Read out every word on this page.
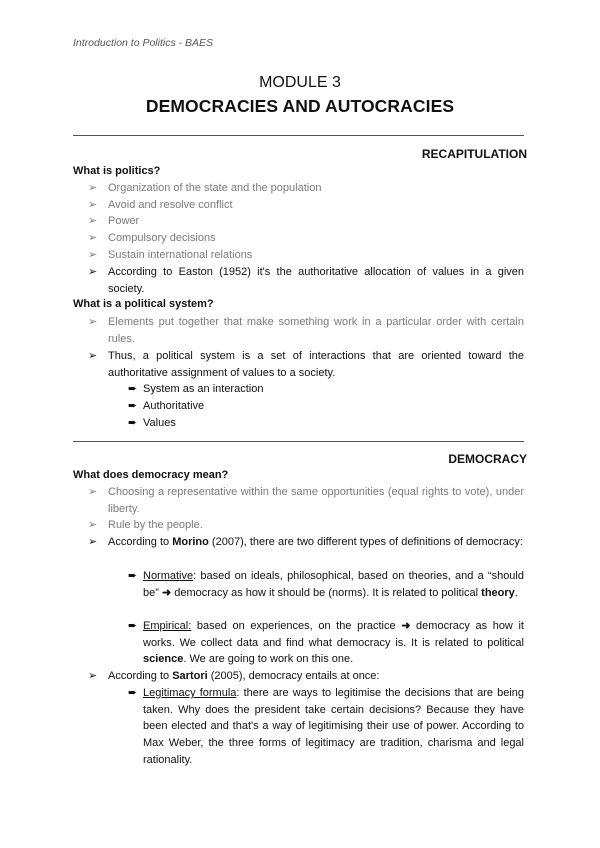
Introduction to Politics - BAES
MODULE 3
DEMOCRACIES AND AUTOCRACIES
RECAPITULATION
What is politics?
➢ Organization of the state and the population
➢ Avoid and resolve conflict
➢ Power
➢ Compulsory decisions
➢ Sustain international relations
➢ According to Easton (1952) it's the authoritative allocation of values in a given society.
What is a political system?
➢ Elements put together that make something work in a particular order with certain rules.
➢ Thus, a political system is a set of interactions that are oriented toward the authoritative assignment of values to a society.
➨ System as an interaction
➨ Authoritative
➨ Values
DEMOCRACY
What does democracy mean?
➢ Choosing a representative within the same opportunities (equal rights to vote), under liberty.
➢ Rule by the people.
➢ According to Morino (2007), there are two different types of definitions of democracy:
➨ Normative: based on ideals, philosophical, based on theories, and a “should be” ➜ democracy as how it should be (norms). It is related to political theory.
➨ Empirical: based on experiences, on the practice ➜ democracy as how it works. We collect data and find what democracy is. It is related to political science. We are going to work on this one.
➢ According to Sartori (2005), democracy entails at once:
➨ Legitimacy formula: there are ways to legitimise the decisions that are being taken. Why does the president take certain decisions? Because they have been elected and that's a way of legitimising their use of power. According to Max Weber, the three forms of legitimacy are tradition, charisma and legal rationality.
